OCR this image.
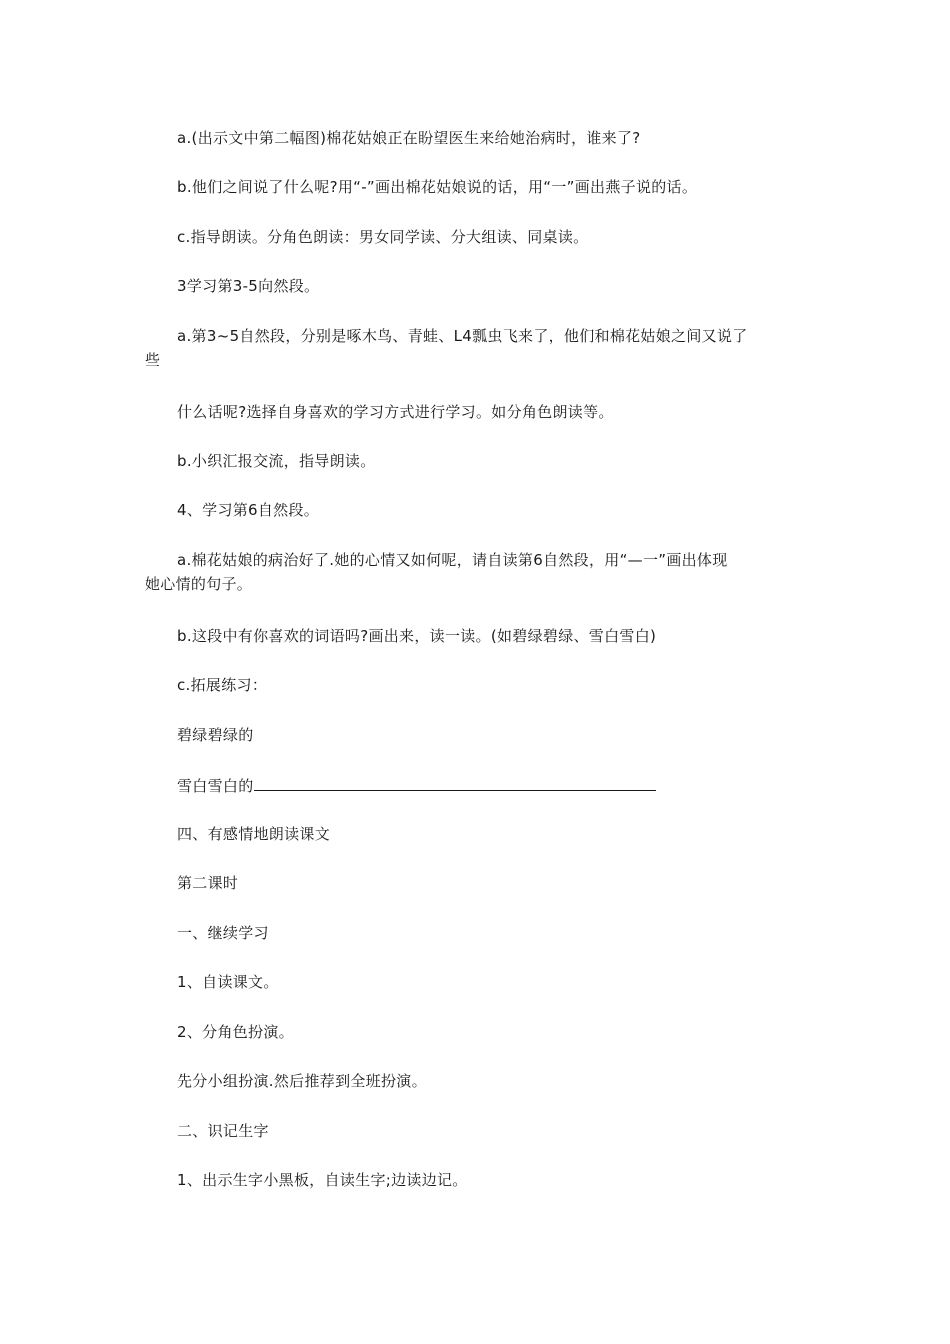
a.(出示文中第二幅图)棉花姑娘正在盼望医生来给她治病时，谁来了?
b.他们之间说了什么呢?用“-”画出棉花姑娘说的话，用“一”画出燕子说的话。
c.指导朗读。分角色朗读：男女同学读、分大组读、同桌读。
3学习第3-5向然段。
a.第3~5自然段，分别是啄木鸟、青蛙、L4瓢虫飞来了，他们和棉花姑娘之间又说了
些
什么话呢?选择自身喜欢的学习方式进行学习。如分角色朗读等。
b.小织汇报交流，指导朗读。
4、学习第6自然段。
a.棉花姑娘的病治好了.她的心情又如何呢，请自读第6自然段，用“—一”画出体现
她心情的句子。
b.这段中有你喜欢的词语吗?画出来，读一读。(如碧绿碧绿、雪白雪白)
c.拓展练习：
碧绿碧绿的
雪白雪白的
四、有感情地朗读课文
第二课时
一、继续学习
1、自读课文。
2、分角色扮演。
先分小组扮演.然后推荐到全班扮演。
二、识记生字
1、出示生字小黑板，自读生字;边读边记。
